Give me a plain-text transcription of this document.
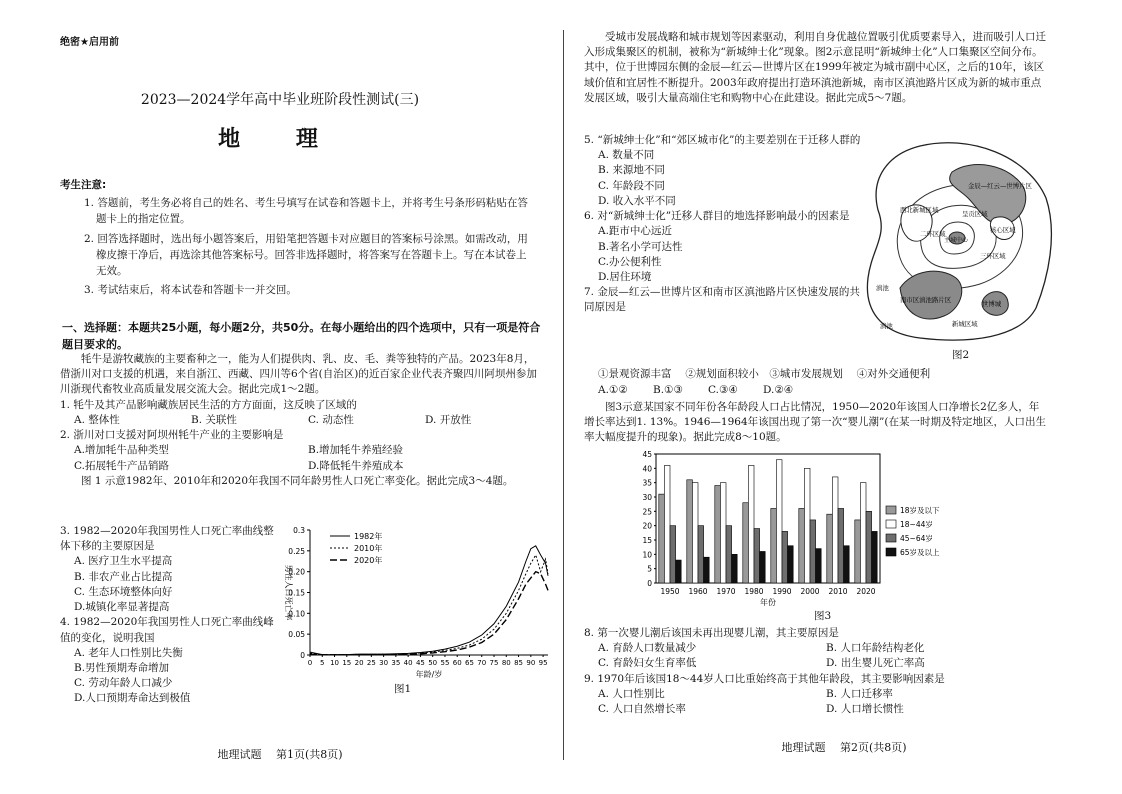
绝密★启用前
2023—2024学年高中毕业班阶段性测试(三)
地 理
考生注意:

1. 答题前，考生务必将自己的姓名、考生号填写在试卷和答题卡上，并将考生号条形码粘贴在答题卡上的指定位置。

2. 回答选择题时，选出每小题答案后，用铅笔把答题卡对应题目的答案标号涂黑。如需改动，用橡皮擦干净后，再选涂其他答案标号。回答非选择题时，将答案写在答题卡上。写在本试卷上无效。

3. 考试结束后，将本试卷和答题卡一并交回。

一、选择题：本题共25小题，每小题2分，共50分。在每小题给出的四个选项中，只有一项是符合题目要求的。

牦牛是游牧藏族的主要畜种之一，能为人们提供肉、乳、皮、毛、粪等独特的产品。2023年8月，借浙川对口支援的机遇，来自浙江、西藏、四川等6个省(自治区)的近百家企业代表齐聚四川阿坝州参加川浙现代畜牧业高质量发展交流大会。据此完成1～2题。

1. 牦牛及其产品影响藏族居民生活的方方面面，这反映了区域的

A. 整体性	B. 关联性	C. 动态性	D. 开放性

2. 浙川对口支援对阿坝州牦牛产业的主要影响是

A.增加牦牛品种类型	B.增加牦牛养殖经验
C.拓展牦牛产品销路	D.降低牦牛养殖成本

图 1 示意1982年、2010年和2020年我国不同年龄男性人口死亡率变化。据此完成3～4题。

3. 1982—2020年我国男性人口死亡率曲线整体下移的主要原因是

A. 医疗卫生水平提高

B. 非农产业占比提高

C. 生态环境整体向好

D.城镇化率显著提高

4. 1982—2020年我国男性人口死亡率曲线峰值的变化，说明我国

A. 老年人口性别比失衡

B.男性预期寿命增加

C. 劳动年龄人口减少

D.人口预期寿命达到极值

0
0.05
0.10
0.15
0.20
0.25
0.3
0 5 10 15 20 25 30 35 40 45 50 55 60 65 70 75 80 85 90 95
年龄/岁
男性人口死亡率
1982年
2010年
2020年
图1
地理试题　 第1页(共8页)

受城市发展战略和城市规划等因素驱动，利用自身优越位置吸引优质要素导入，进而吸引人口迁入形成集聚区的机制，被称为“新城绅士化”现象。图2示意昆明“新城绅士化”人口集聚区空间分布。其中，位于世博园东侧的金辰—红云—世博片区在1999年被定为城市副中心区，之后的10年，该区域价值和宜居性不断提升。2003年政府提出打造环滇池新城，南市区滇池路片区成为新的城市重点发展区域，吸引大量高端住宅和购物中心在此建设。据此完成5～7题。

5. “新城绅士化”和“郊区城市化”的主要差别在于迁移人群的

A. 数量不同

B. 来源地不同

C. 年龄段不同

D. 收入水平不同

6. 对“新城绅士化”迁移人群目的地选择影响最小的因素是

A.距市中心远近

B.著名小学可达性

C.办公便利性

D.居住环境

7. 金辰—红云—世博片区和南市区滇池路片区快速发展的共同原因是

①景观资源丰富　 ②规划面积较小　③城市发展规划　 ④对外交通便利
A.①②	B.①③	C.③④	D.②④
金辰—红云—世博片区
西北新城区域	呈贡区域
二环区域
主城中心
核心区域
三环区域
滇池
南市区滇池路片区	世博城
滇池	新城区域
图2

图3示意某国家不同年份各年龄段人口占比情况，1950—2020年该国人口净增长2亿多人，年增长率达到1. 13%。1946—1964年该国出现了第一次“婴儿潮”(在某一时期及特定地区，人口出生率大幅度提升的现象)。据此完成8～10题。

0
5
10
15
20
25
30
35
40
45
1950 1960 1970 1980 1990 2000 2010 2020
年份
18岁及以下
18~44岁
45~64岁
65岁及以上
图3

8. 第一次婴儿潮后该国未再出现婴儿潮，其主要原因是

A. 育龄人口数量减少	B. 人口年龄结构老化
C. 育龄妇女生育率低	D. 出生婴儿死亡率高

9. 1970年后该国18～44岁人口比重始终高于其他年龄段，其主要影响因素是

A. 人口性别比	B. 人口迁移率
C. 人口自然增长率	D. 人口增长惯性
地理试题　 第2页(共8页)
